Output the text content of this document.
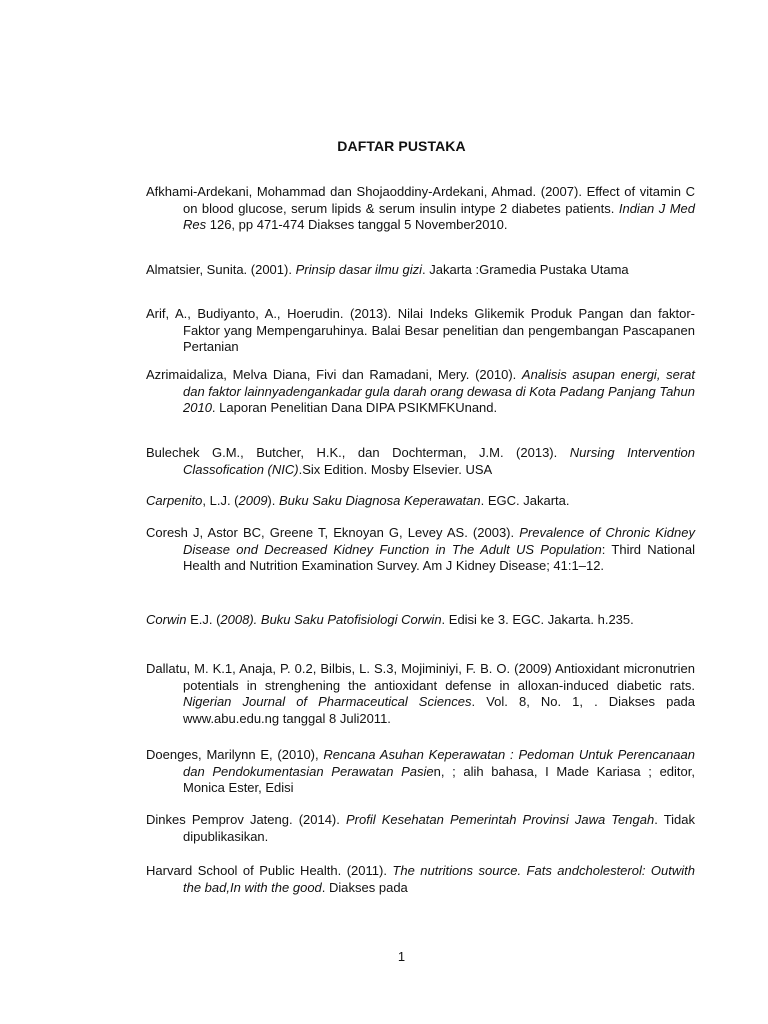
DAFTAR PUSTAKA
Afkhami-Ardekani, Mohammad dan Shojaoddiny-Ardekani, Ahmad. (2007). Effect of vitamin C on blood glucose, serum lipids & serum insulin intype 2 diabetes patients. Indian J Med Res 126, pp 471-474 Diakses tanggal 5 November2010.
Almatsier, Sunita. (2001). Prinsip dasar ilmu gizi. Jakarta :Gramedia Pustaka Utama
Arif, A., Budiyanto, A., Hoerudin. (2013). Nilai Indeks Glikemik Produk Pangan dan faktor-Faktor yang Mempengaruhinya. Balai Besar penelitian dan pengembangan Pascapanen Pertanian
Azrimaidaliza, Melva Diana, Fivi dan Ramadani, Mery. (2010). Analisis asupan energi, serat dan faktor lainnyadengankadar gula darah orang dewasa di Kota Padang Panjang Tahun 2010. Laporan Penelitian Dana DIPA PSIKMFKUnand.
Bulechek G.M., Butcher, H.K., dan Dochterman, J.M. (2013). Nursing Intervention Classofication (NIC).Six Edition. Mosby Elsevier. USA
Carpenito, L.J. (2009). Buku Saku Diagnosa Keperawatan. EGC. Jakarta.
Coresh J, Astor BC, Greene T, Eknoyan G, Levey AS. (2003). Prevalence of Chronic Kidney Disease ond Decreased Kidney Function in The Adult US Population: Third National Health and Nutrition Examination Survey. Am J Kidney Disease; 41:1–12.
Corwin E.J. (2008). Buku Saku Patofisiologi Corwin. Edisi ke 3. EGC. Jakarta. h.235.
Dallatu, M. K.1, Anaja, P. 0.2, Bilbis, L. S.3, Mojiminiyi, F. B. O. (2009) Antioxidant micronutrien potentials in strenghening the antioxidant defense in alloxan-induced diabetic rats. Nigerian Journal of Pharmaceutical Sciences. Vol. 8, No. 1, . Diakses pada www.abu.edu.ng tanggal 8 Juli2011.
Doenges, Marilynn E, (2010), Rencana Asuhan Keperawatan : Pedoman Untuk Perencanaan dan Pendokumentasian Perawatan Pasien, ; alih bahasa, I Made Kariasa ; editor, Monica Ester, Edisi
Dinkes Pemprov Jateng. (2014). Profil Kesehatan Pemerintah Provinsi Jawa Tengah. Tidak dipublikasikan.
Harvard School of Public Health. (2011). The nutritions source. Fats andcholesterol: Outwith the bad,In with the good. Diakses pada
1
